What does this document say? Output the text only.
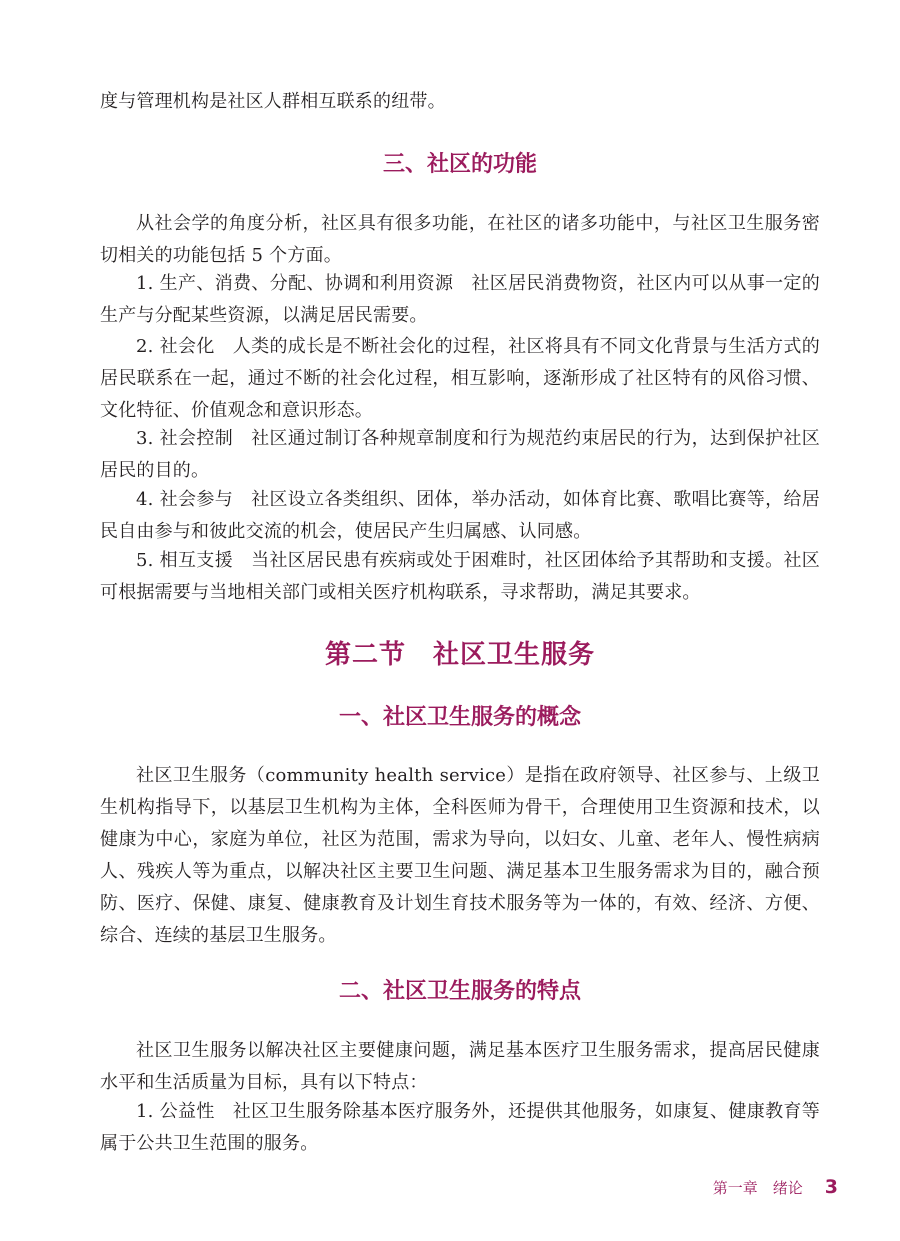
度与管理机构是社区人群相互联系的纽带。

三、社区的功能

从社会学的角度分析，社区具有很多功能，在社区的诸多功能中，与社区卫生服务密切相关的功能包括 5 个方面。

1. 生产、消费、分配、协调和利用资源 社区居民消费物资，社区内可以从事一定的生产与分配某些资源，以满足居民需要。

2. 社会化 人类的成长是不断社会化的过程，社区将具有不同文化背景与生活方式的居民联系在一起，通过不断的社会化过程，相互影响，逐渐形成了社区特有的风俗习惯、文化特征、价值观念和意识形态。

3. 社会控制 社区通过制订各种规章制度和行为规范约束居民的行为，达到保护社区居民的目的。

4. 社会参与 社区设立各类组织、团体，举办活动，如体育比赛、歌唱比赛等，给居民自由参与和彼此交流的机会，使居民产生归属感、认同感。

5. 相互支援 当社区居民患有疾病或处于困难时，社区团体给予其帮助和支援。社区可根据需要与当地相关部门或相关医疗机构联系，寻求帮助，满足其要求。

第二节　社区卫生服务
一、社区卫生服务的概念

社区卫生服务（community health service）是指在政府领导、社区参与、上级卫生机构指导下，以基层卫生机构为主体，全科医师为骨干，合理使用卫生资源和技术，以健康为中心，家庭为单位，社区为范围，需求为导向，以妇女、儿童、老年人、慢性病病人、残疾人等为重点，以解决社区主要卫生问题、满足基本卫生服务需求为目的，融合预防、医疗、保健、康复、健康教育及计划生育技术服务等为一体的，有效、经济、方便、综合、连续的基层卫生服务。

二、社区卫生服务的特点

社区卫生服务以解决社区主要健康问题，满足基本医疗卫生服务需求，提高居民健康水平和生活质量为目标，具有以下特点：

1. 公益性 社区卫生服务除基本医疗服务外，还提供其他服务，如康复、健康教育等属于公共卫生范围的服务。

第一章　绪论 3
